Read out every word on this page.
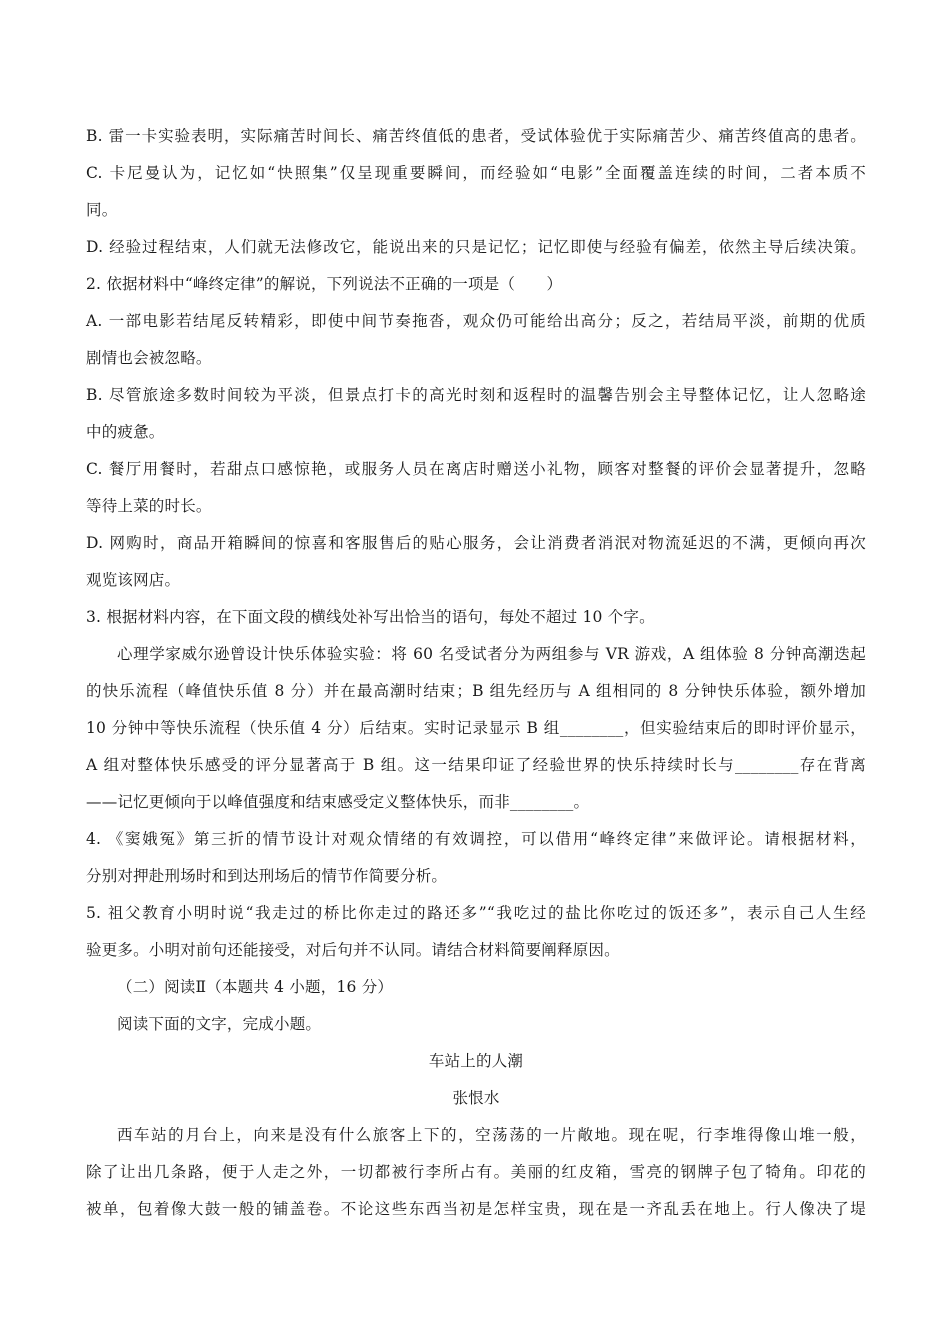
B. 雷一卡实验表明，实际痛苦时间长、痛苦终值低的患者，受试体验优于实际痛苦少、痛苦终值高的患者。
C. 卡尼曼认为，记忆如“快照集”仅呈现重要瞬间，而经验如“电影”全面覆盖连续的时间，二者本质不
同。
D. 经验过程结束，人们就无法修改它，能说出来的只是记忆；记忆即使与经验有偏差，依然主导后续决策。
2. 依据材料中“峰终定律”的解说，下列说法不正确的一项是（　　）
A. 一部电影若结尾反转精彩，即使中间节奏拖沓，观众仍可能给出高分；反之，若结局平淡，前期的优质
剧情也会被忽略。
B. 尽管旅途多数时间较为平淡，但景点打卡的高光时刻和返程时的温馨告别会主导整体记忆，让人忽略途
中的疲惫。
C. 餐厅用餐时，若甜点口感惊艳，或服务人员在离店时赠送小礼物，顾客对整餐的评价会显著提升，忽略
等待上菜的时长。
D. 网购时，商品开箱瞬间的惊喜和客服售后的贴心服务，会让消费者消泯对物流延迟的不满，更倾向再次
观览该网店。
3. 根据材料内容，在下面文段的横线处补写出恰当的语句，每处不超过 10 个字。
心理学家威尔逊曾设计快乐体验实验：将 60 名受试者分为两组参与 VR 游戏，A 组体验 8 分钟高潮迭起
的快乐流程（峰值快乐值 8 分）并在最高潮时结束；B 组先经历与 A 组相同的 8 分钟快乐体验，额外增加
10 分钟中等快乐流程（快乐值 4 分）后结束。实时记录显示 B 组________，但实验结束后的即时评价显示，
A 组对整体快乐感受的评分显著高于 B 组。这一结果印证了经验世界的快乐持续时长与________存在背离
——记忆更倾向于以峰值强度和结束感受定义整体快乐，而非________。
4. 《窦娥冤》第三折的情节设计对观众情绪的有效调控，可以借用“峰终定律”来做评论。请根据材料，
分别对押赴刑场时和到达刑场后的情节作简要分析。
5. 祖父教育小明时说“我走过的桥比你走过的路还多”“我吃过的盐比你吃过的饭还多”，表示自己人生经
验更多。小明对前句还能接受，对后句并不认同。请结合材料简要阐释原因。
（二）阅读Ⅱ（本题共 4 小题，16 分）
阅读下面的文字，完成小题。
车站上的人潮
张恨水
西车站的月台上，向来是没有什么旅客上下的，空荡荡的一片敞地。现在呢，行李堆得像山堆一般，
除了让出几条路，便于人走之外，一切都被行李所占有。美丽的红皮箱，雪亮的钢牌子包了犄角。印花的
被单，包着像大鼓一般的铺盖卷。不论这些东西当初是怎样宝贵，现在是一齐乱丢在地上。行人像决了堤
